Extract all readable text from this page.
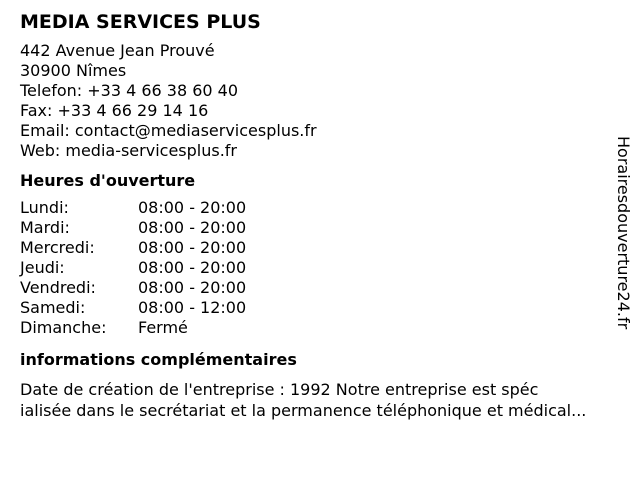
MEDIA SERVICES PLUS
442 Avenue Jean Prouvé
30900 Nîmes
Telefon: +33 4 66 38 60 40
Fax: +33 4 66 29 14 16
Email: contact@mediaservicesplus.fr
Web: media-servicesplus.fr
Heures d'ouverture
Lundi:	08:00 - 20:00
Mardi:	08:00 - 20:00
Mercredi:	08:00 - 20:00
Jeudi:	08:00 - 20:00
Vendredi:	08:00 - 20:00
Samedi:	08:00 - 12:00
Dimanche:	Fermé
informations complémentaires
Date de création de l'entreprise : 1992 Notre entreprise est spéc
ialisée dans le secrétariat et la permanence téléphonique et médical...
Horairesdouverture24.fr
